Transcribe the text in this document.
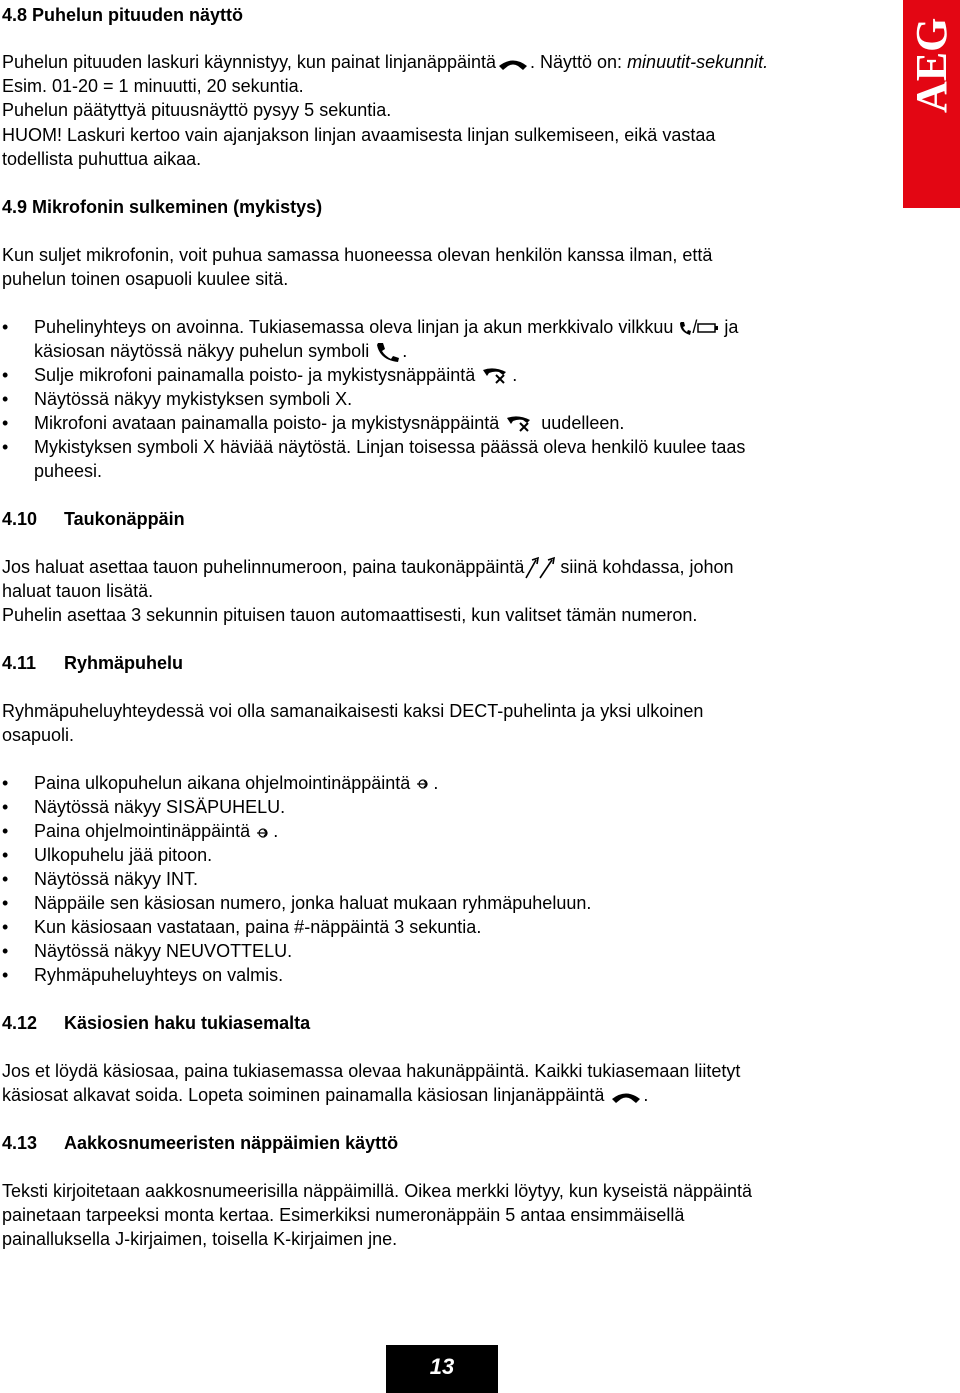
AEG
4.8 Puhelun pituuden näyttö
Puhelun pituuden laskuri käynnistyy, kun painat linjanäppäintä . Näyttö on: minuutit-sekunnit.
Esim. 01-20 = 1 minuutti, 20 sekuntia.
Puhelun päätyttyä pituusnäyttö pysyy 5 sekuntia.
HUOM! Laskuri kertoo vain ajanjakson linjan avaamisesta linjan sulkemiseen, eikä vastaa
todellista puhuttua aikaa.
4.9 Mikrofonin sulkeminen (mykistys)
Kun suljet mikrofonin, voit puhua samassa huoneessa olevan henkilön kanssa ilman, että
puhelun toinen osapuoli kuulee sitä.
•	Puhelinyhteys on avoinna. Tukiasemassa oleva linjan ja akun merkkivalo vilkkuu / ja
käsiosan näytössä näkyy puhelun symboli .
•	Sulje mikrofoni painamalla poisto- ja mykistysnäppäintä .
•	Näytössä näkyy mykistyksen symboli X.
•	Mikrofoni avataan painamalla poisto- ja mykistysnäppäintä uudelleen.
•	Mykistyksen symboli X häviää näytöstä. Linjan toisessa päässä oleva henkilö kuulee taas
puheesi.
4.10 Taukonäppäin
Jos haluat asettaa tauon puhelinnumeroon, paina taukonäppäintä siinä kohdassa, johon
haluat tauon lisätä.
Puhelin asettaa 3 sekunnin pituisen tauon automaattisesti, kun valitset tämän numeron.
4.11 Ryhmäpuhelu
Ryhmäpuheluyhteydessä voi olla samanaikaisesti kaksi DECT-puhelinta ja yksi ulkoinen
osapuoli.
•	Paina ulkopuhelun aikana ohjelmointinäppäintä .
•	Näytössä näkyy SISÄPUHELU.
•	Paina ohjelmointinäppäintä .
•	Ulkopuhelu jää pitoon.
•	Näytössä näkyy INT.
•	Näppäile sen käsiosan numero, jonka haluat mukaan ryhmäpuheluun.
•	Kun käsiosaan vastataan, paina #-näppäintä 3 sekuntia.
•	Näytössä näkyy NEUVOTTELU.
•	Ryhmäpuheluyhteys on valmis.
4.12 Käsiosien haku tukiasemalta
Jos et löydä käsiosaa, paina tukiasemassa olevaa hakunäppäintä. Kaikki tukiasemaan liitetyt
käsiosat alkavat soida. Lopeta soiminen painamalla käsiosan linjanäppäintä .
4.13 Aakkosnumeeristen näppäimien käyttö
Teksti kirjoitetaan aakkosnumeerisilla näppäimillä. Oikea merkki löytyy, kun kyseistä näppäintä
painetaan tarpeeksi monta kertaa. Esimerkiksi numeronäppäin 5 antaa ensimmäisellä
painalluksella J-kirjaimen, toisella K-kirjaimen jne.
13
